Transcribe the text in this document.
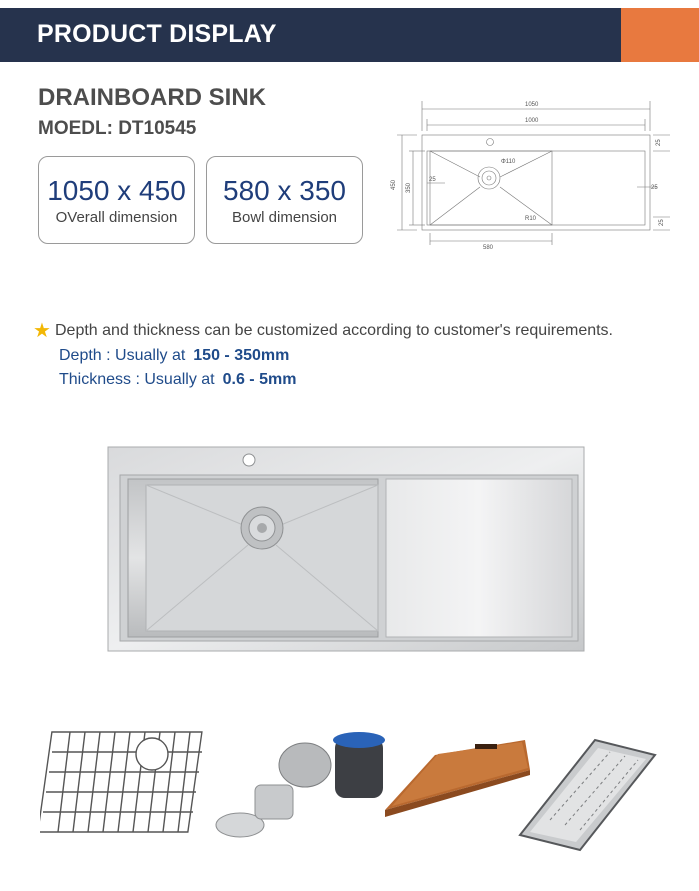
PRODUCT DISPLAY
DRAINBOARD SINK
MOEDL: DT10545
1050 x 450
OVerall dimension
580 x 350
Bowl dimension
1050
1000
Φ110
R10
25
25
25
25
450 350
580
★ Depth and thickness can be customized according to customer's requirements.
Depth : Usually at 150 - 350mm
Thickness : Usually at 0.6 - 5mm
